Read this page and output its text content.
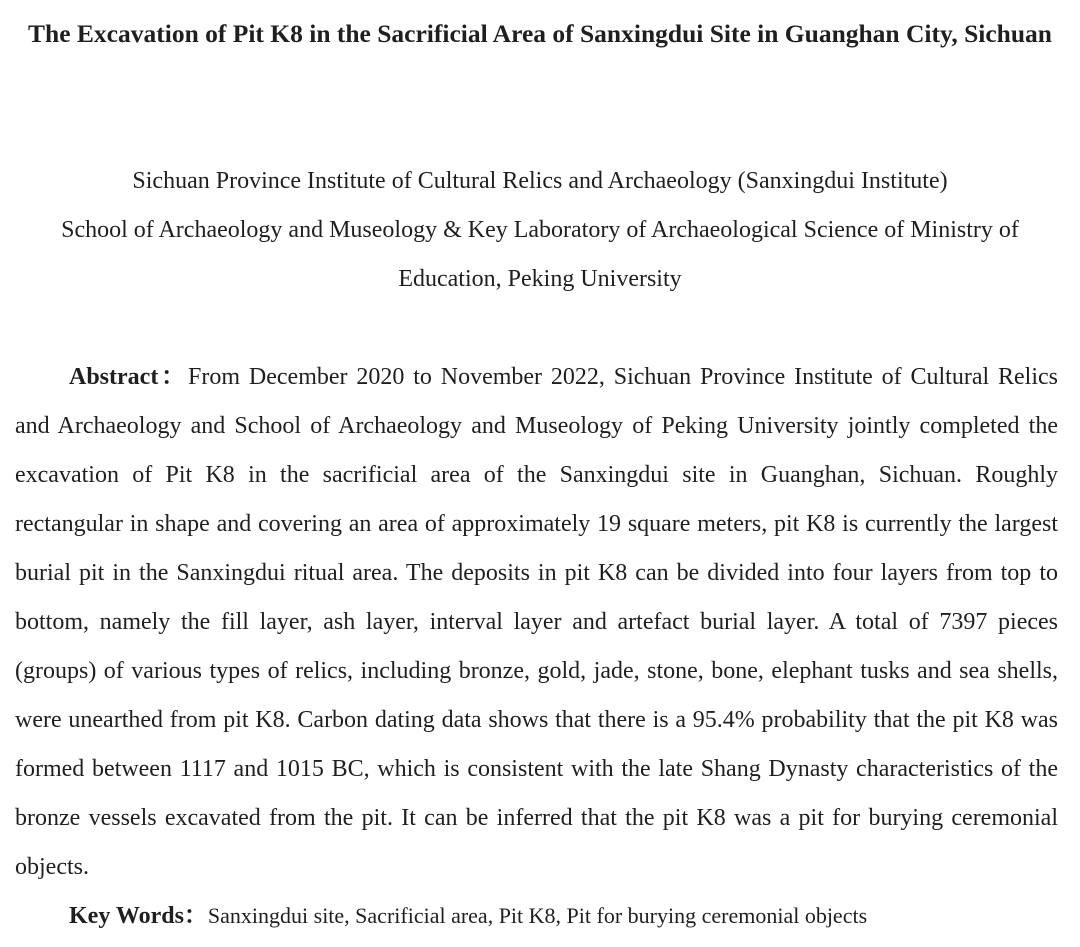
The Excavation of Pit K8 in the Sacrificial Area of Sanxingdui Site in Guanghan City, Sichuan
Sichuan Province Institute of Cultural Relics and Archaeology (Sanxingdui Institute)
School of Archaeology and Museology & Key Laboratory of Archaeological Science of Ministry of Education, Peking University

Abstract：From December 2020 to November 2022, Sichuan Province Institute of Cultural Relics and Archaeology and School of Archaeology and Museology of Peking University jointly completed the excavation of Pit K8 in the sacrificial area of the Sanxingdui site in Guanghan, Sichuan. Roughly rectangular in shape and covering an area of approximately 19 square meters, pit K8 is currently the largest burial pit in the Sanxingdui ritual area. The deposits in pit K8 can be divided into four layers from top to bottom, namely the fill layer, ash layer, interval layer and artefact burial layer. A total of 7397 pieces (groups) of various types of relics, including bronze, gold, jade, stone, bone, elephant tusks and sea shells, were unearthed from pit K8. Carbon dating data shows that there is a 95.4% probability that the pit K8 was formed between 1117 and 1015 BC, which is consistent with the late Shang Dynasty characteristics of the bronze vessels excavated from the pit. It can be inferred that the pit K8 was a pit for burying ceremonial objects.

Key Words：Sanxingdui site, Sacrificial area, Pit K8, Pit for burying ceremonial objects
